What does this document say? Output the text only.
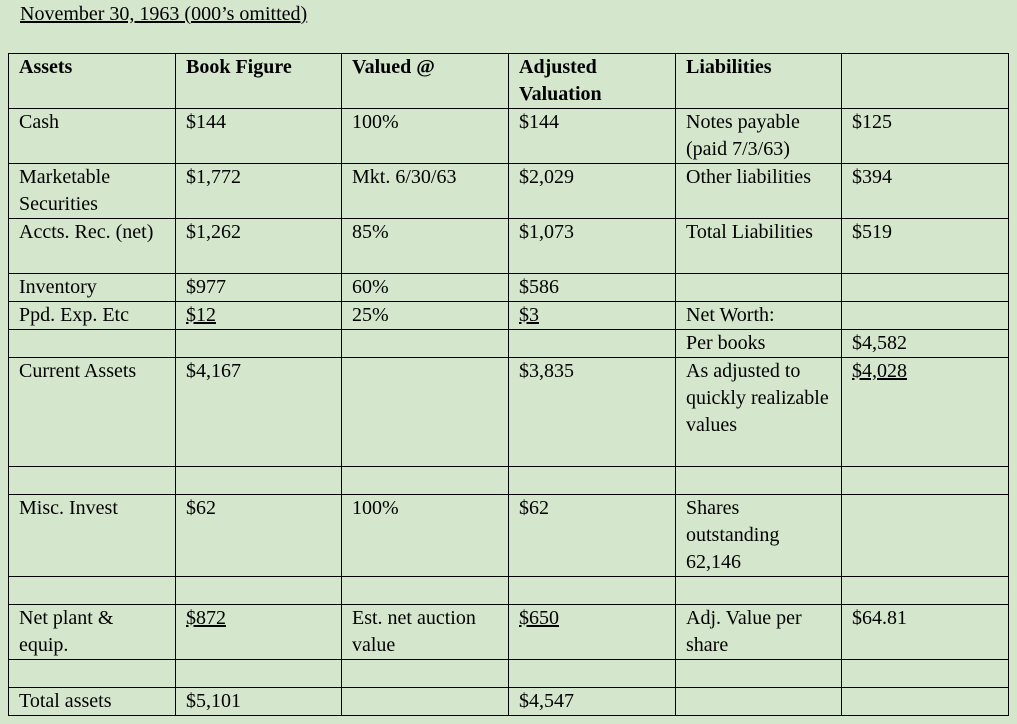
November 30, 1963 (000’s omitted)
Assets	Book Figure	Valued @	Adjusted Valuation	Liabilities	
Cash	$144	100%	$144	Notes payable (paid 7/3/63)	$125
Marketable Securities	$1,772	Mkt. 6/30/63	$2,029	Other liabilities	$394
Accts. Rec. (net)	$1,262	85%	$1,073	Total Liabilities	$519
Inventory	$977	60%	$586		
Ppd. Exp. Etc	$12	25%	$3	Net Worth:	
				Per books	$4,582
Current Assets	$4,167		$3,835	As adjusted to quickly realizable values	$4,028

Misc. Invest	$62	100%	$62	Shares outstanding 62,146	

Net plant & equip.	$872	Est. net auction value	$650	Adj. Value per share	$64.81

Total assets	$5,101		$4,547		
